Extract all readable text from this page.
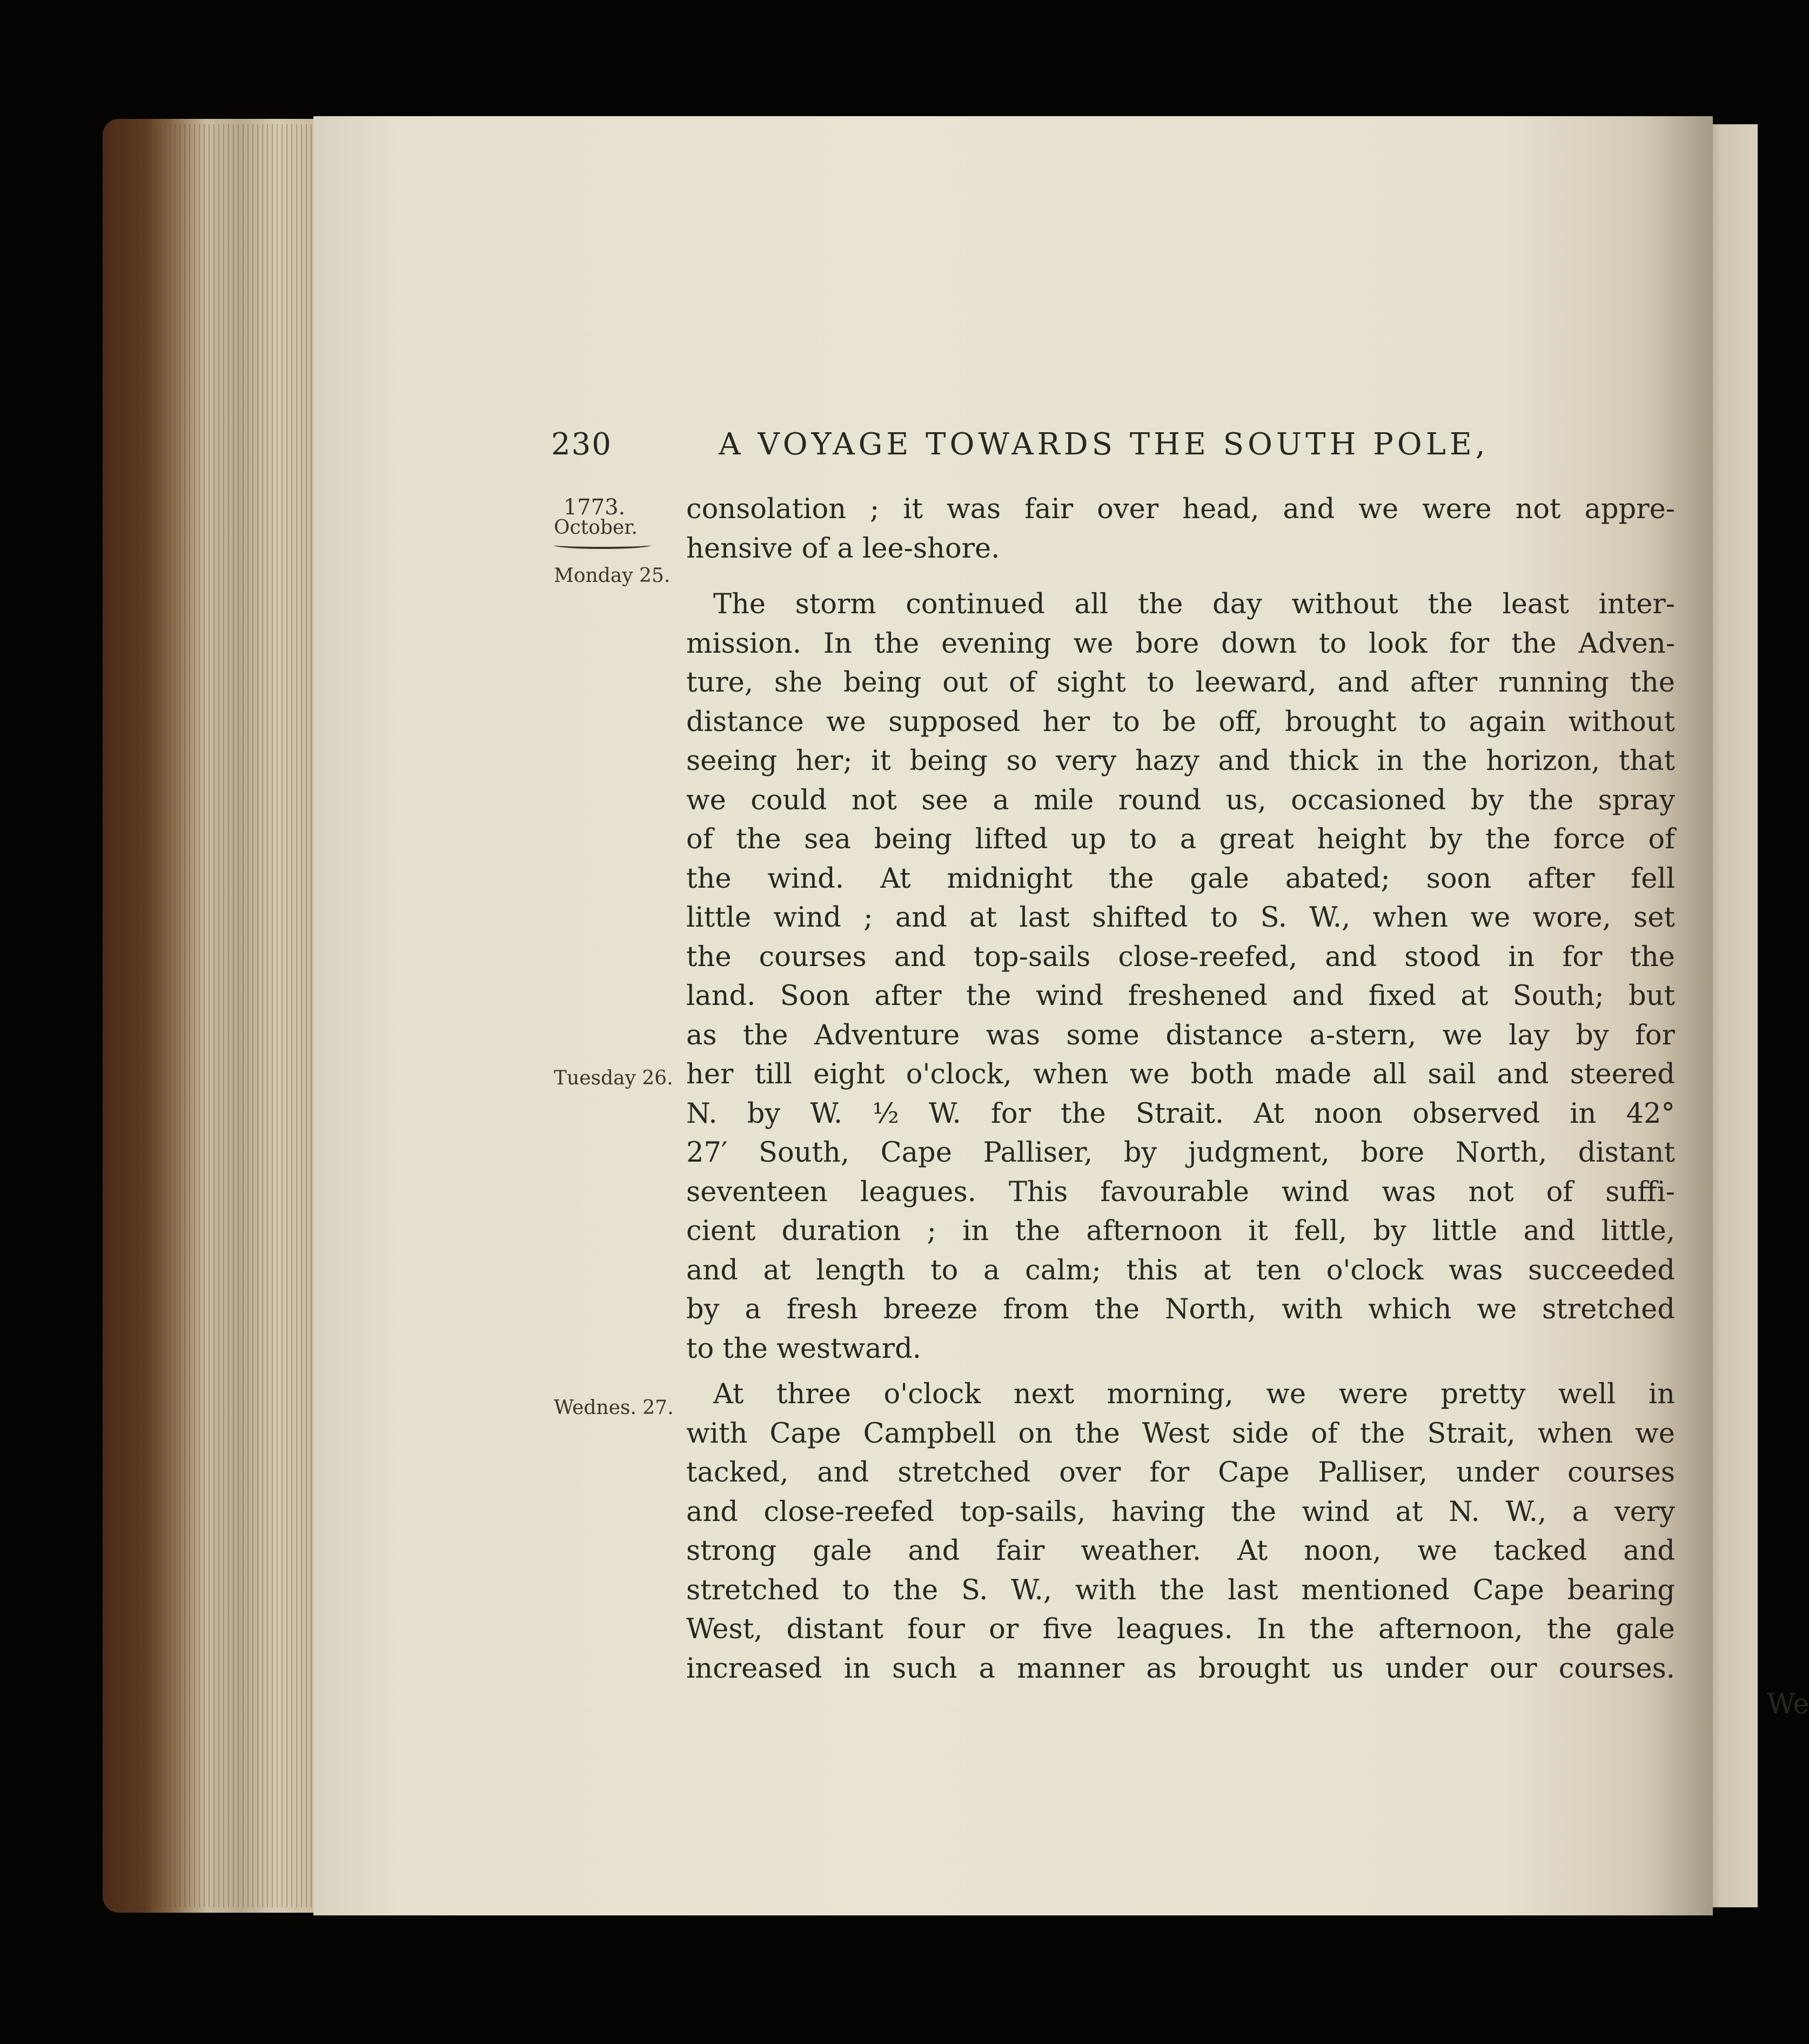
230	A VOYAGE TOWARDS THE SOUTH POLE,
1773.
October.
Monday 25.
Tuesday 26.
Wednes. 27.
consolation ; it was fair over head, and we were not appre-
hensive of a lee-shore.
The storm continued all the day without the least inter-
mission. In the evening we bore down to look for the Adven-
ture, she being out of sight to leeward, and after running the
distance we supposed her to be off, brought to again without
seeing her; it being so very hazy and thick in the horizon, that
we could not see a mile round us, occasioned by the spray
of the sea being lifted up to a great height by the force of
the wind. At midnight the gale abated; soon after fell
little wind ; and at last shifted to S. W., when we wore, set
the courses and top-sails close-reefed, and stood in for the
land. Soon after the wind freshened and fixed at South; but
as the Adventure was some distance a-stern, we lay by for
her till eight o'clock, when we both made all sail and steered
N. by W. ½ W. for the Strait. At noon observed in 42°
27′ South, Cape Palliser, by judgment, bore North, distant
seventeen leagues. This favourable wind was not of suffi-
cient duration ; in the afternoon it fell, by little and little,
and at length to a calm; this at ten o'clock was succeeded
by a fresh breeze from the North, with which we stretched
to the westward.
At three o'clock next morning, we were pretty well in
with Cape Campbell on the West side of the Strait, when we
tacked, and stretched over for Cape Palliser, under courses
and close-reefed top-sails, having the wind at N. W., a very
strong gale and fair weather. At noon, we tacked and
stretched to the S. W., with the last mentioned Cape bearing
West, distant four or five leagues. In the afternoon, the gale
increased in such a manner as brought us under our courses.
We
